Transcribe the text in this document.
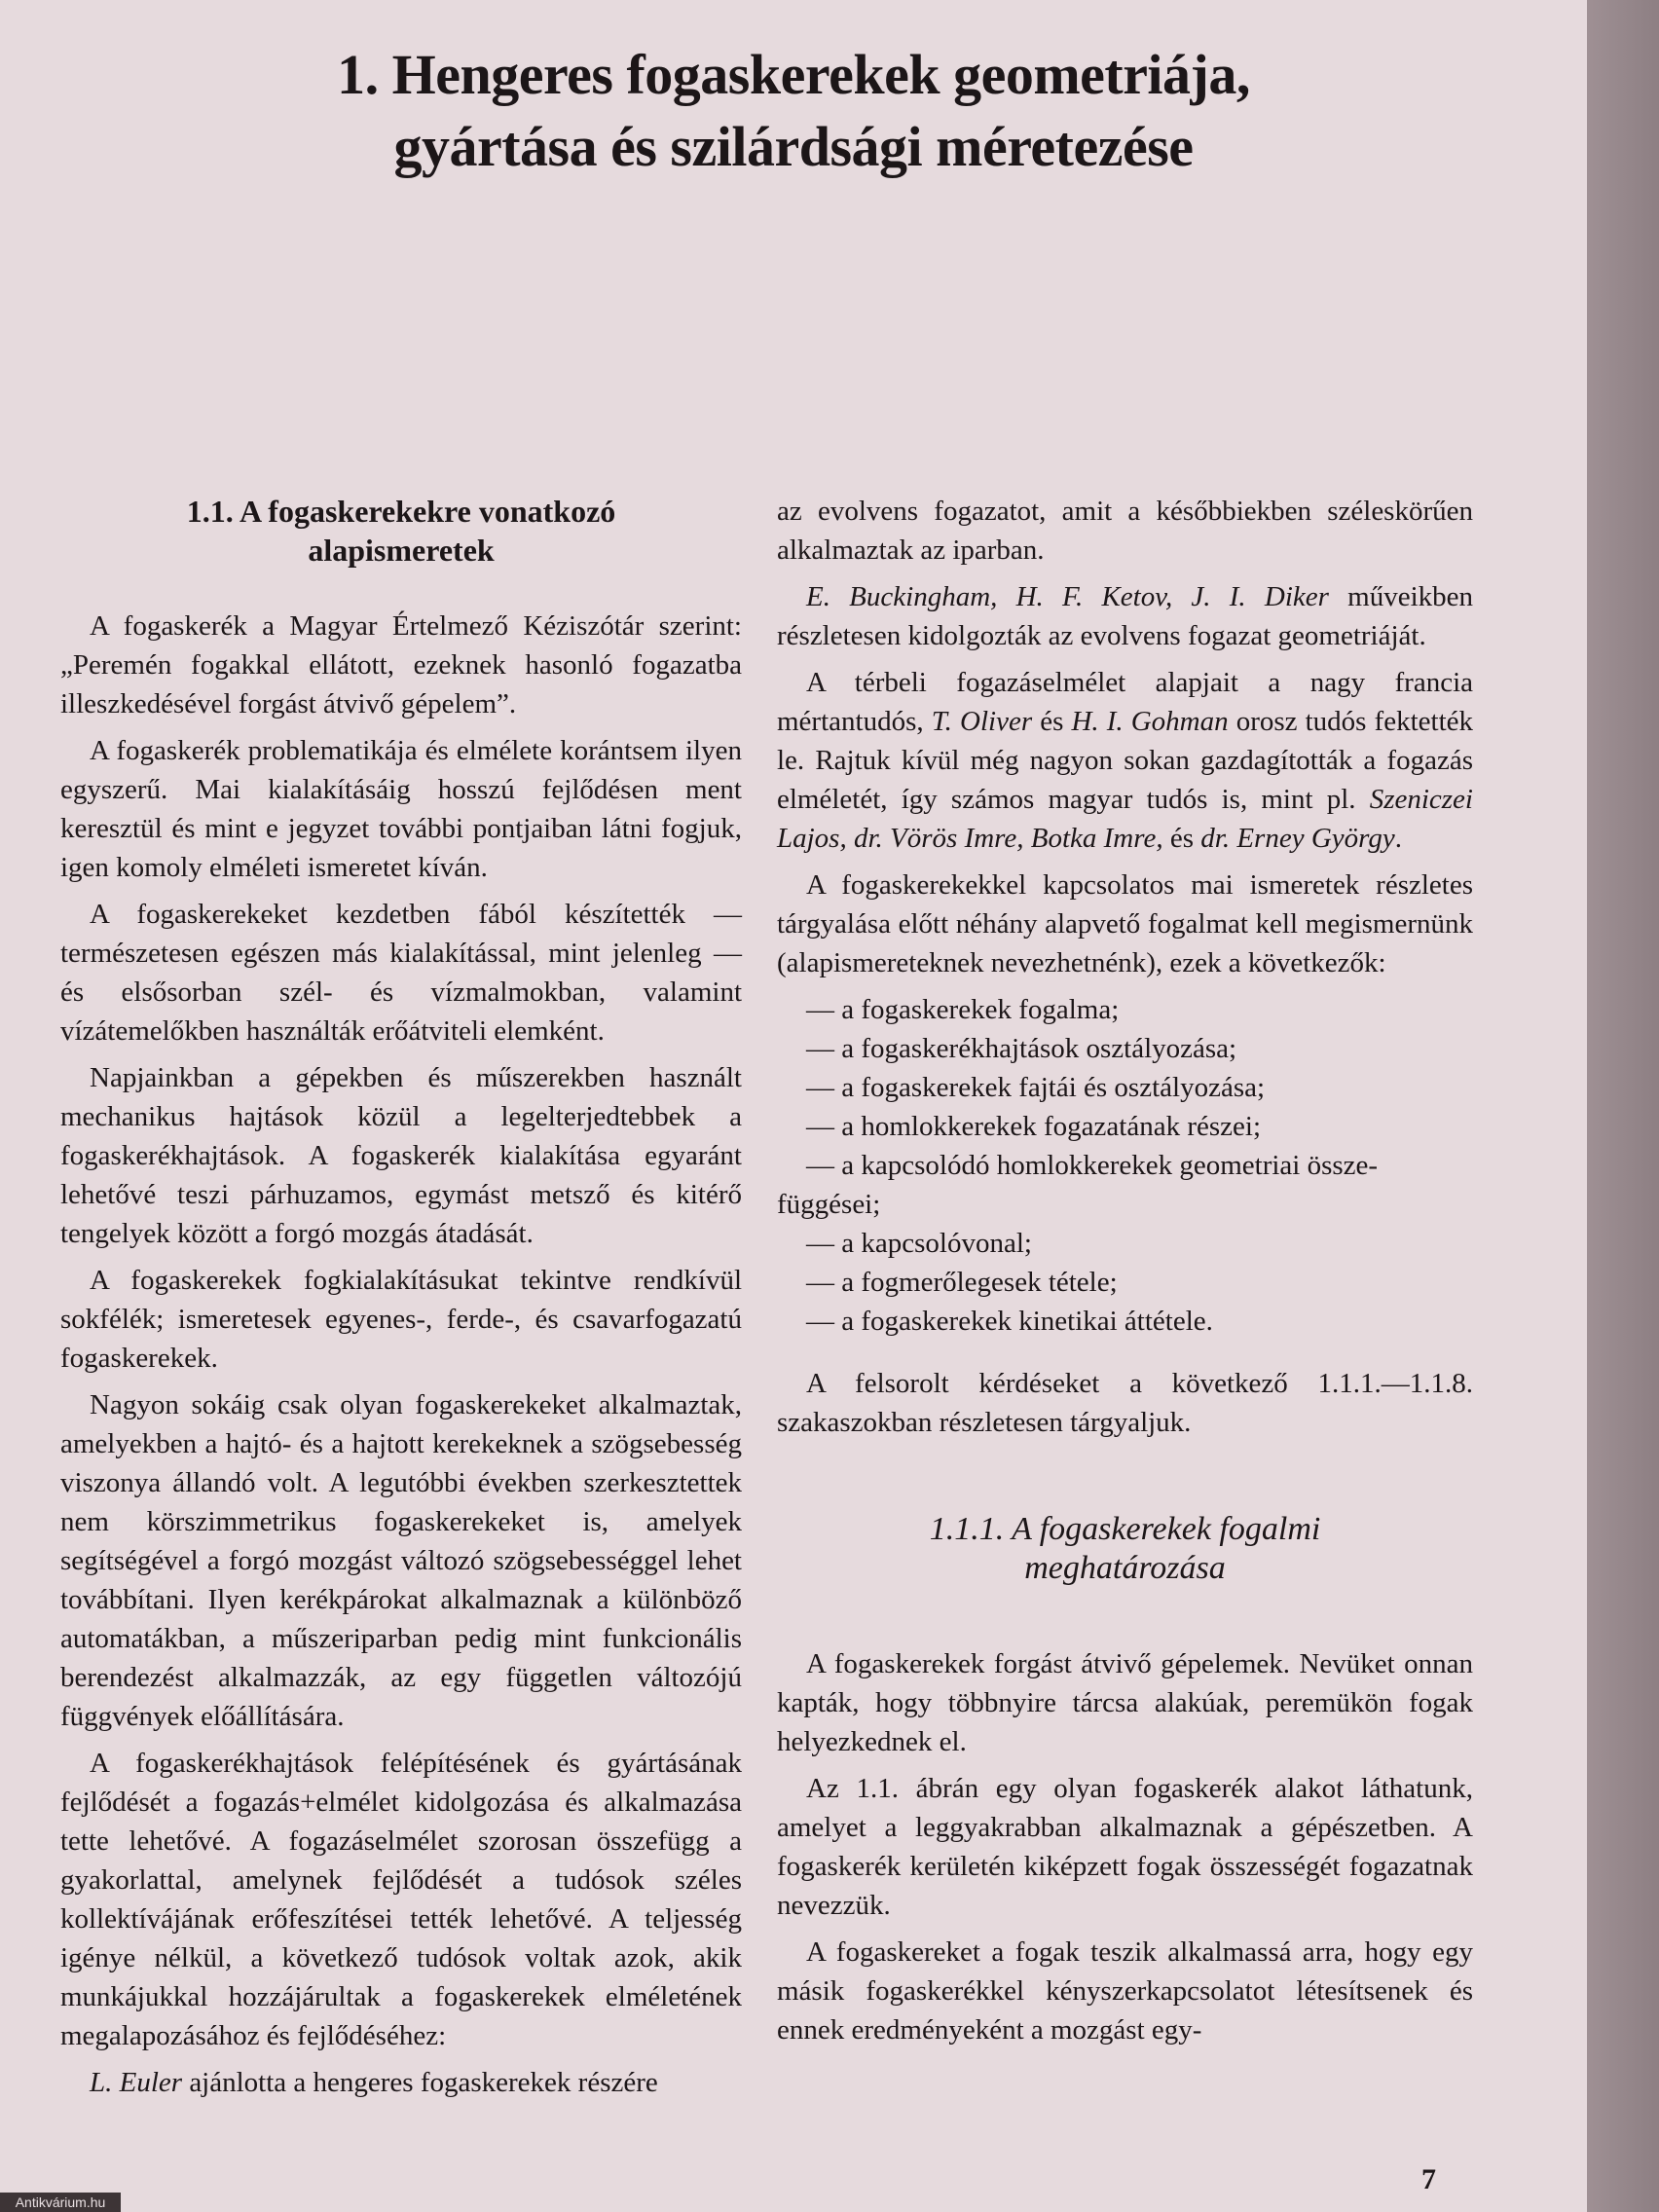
1. Hengeres fogaskerekek geometriája,
gyártása és szilárdsági méretezése
1.1. A fogaskerekekre vonatkozó
alapismeretek

A fogaskerék a Magyar Értelmező Kéziszótár szerint: „Peremén fogakkal ellátott, ezeknek hasonló fogazatba illeszkedésével forgást átvivő gépelem”.

A fogaskerék problematikája és elmélete korántsem ilyen egyszerű. Mai kialakításáig hosszú fejlődésen ment keresztül és mint e jegyzet további pontjaiban látni fogjuk, igen komoly elméleti ismeretet kíván.

A fogaskerekeket kezdetben fából készítették — természetesen egészen más kialakítással, mint jelenleg — és elsősorban szél- és vízmalmokban, valamint vízátemelőkben használták erőátviteli elemként.

Napjainkban a gépekben és műszerekben használt mechanikus hajtások közül a legelterjedtebbek a fogaskerékhajtások. A fogaskerék kialakítása egyaránt lehetővé teszi párhuzamos, egymást metsző és kitérő tengelyek között a forgó mozgás átadását.

A fogaskerekek fogkialakításukat tekintve rendkívül sokfélék; ismeretesek egyenes-, ferde-, és csavarfogazatú fogaskerekek.

Nagyon sokáig csak olyan fogaskerekeket alkalmaztak, amelyekben a hajtó- és a hajtott kerekeknek a szögsebesség viszonya állandó volt. A legutóbbi években szerkesztettek nem körszimmetrikus fogaskerekeket is, amelyek segítségével a forgó mozgást változó szögsebességgel lehet továbbítani. Ilyen kerékpárokat alkalmaznak a különböző automatákban, a műszeriparban pedig mint funkcionális berendezést alkalmazzák, az egy független változójú függvények előállítására.

A fogaskerékhajtások felépítésének és gyártásának fejlődését a fogazás+elmélet kidolgozása és alkalmazása tette lehetővé. A fogazáselmélet szorosan összefügg a gyakorlattal, amelynek fejlődését a tudósok széles kollektívájának erőfeszítései tették lehetővé. A teljesség igénye nélkül, a következő tudósok voltak azok, akik munkájukkal hozzájárultak a fogaskerekek elméletének megalapozásához és fejlődéséhez:

L. Euler ajánlotta a hengeres fogaskerekek részére

az evolvens fogazatot, amit a későbbiekben széleskörűen alkalmaztak az iparban.

E. Buckingham, H. F. Ketov, J. I. Diker műveikben részletesen kidolgozták az evolvens fogazat geometriáját.

A térbeli fogazáselmélet alapjait a nagy francia mértantudós, T. Oliver és H. I. Gohman orosz tudós fektették le. Rajtuk kívül még nagyon sokan gazdagították a fogazás elméletét, így számos magyar tudós is, mint pl. Szeniczei Lajos, dr. Vörös Imre, Botka Imre, és dr. Erney György.

A fogaskerekekkel kapcsolatos mai ismeretek részletes tárgyalása előtt néhány alapvető fogalmat kell megismernünk (alapismereteknek nevezhetnénk), ezek a következők:

— a fogaskerekek fogalma;
— a fogaskerékhajtások osztályozása;
— a fogaskerekek fajtái és osztályozása;
— a homlokkerekek fogazatának részei;
— a kapcsolódó homlokkerekek geometriai össze-
függései;
— a kapcsolóvonal;
— a fogmerőlegesek tétele;
— a fogaskerekek kinetikai áttétele.

A felsorolt kérdéseket a következő 1.1.1.—1.1.8. szakaszokban részletesen tárgyaljuk.

1.1.1. A fogaskerekek fogalmi
meghatározása

A fogaskerekek forgást átvivő gépelemek. Nevüket onnan kapták, hogy többnyire tárcsa alakúak, peremükön fogak helyezkednek el.

Az 1.1. ábrán egy olyan fogaskerék alakot láthatunk, amelyet a leggyakrabban alkalmaznak a gépészetben. A fogaskerék kerületén kiképzett fogak összességét fogazatnak nevezzük.

A fogaskereket a fogak teszik alkalmassá arra, hogy egy másik fogaskerékkel kényszerkapcsolatot létesítsenek és ennek eredményeként a mozgást egy-

7
Antikvárium.hu
